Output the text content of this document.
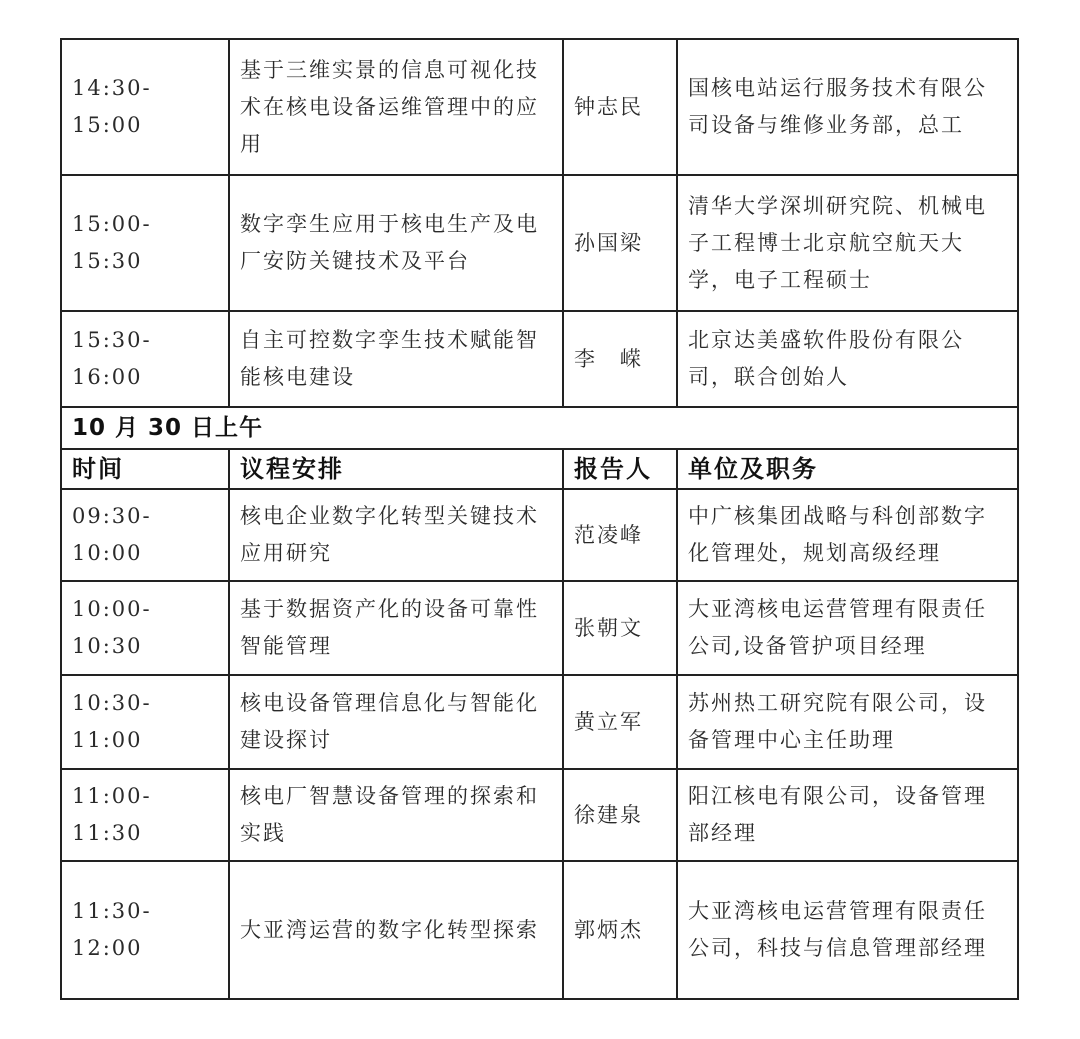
14:30-15:00	基于三维实景的信息可视化技术在核电设备运维管理中的应用	钟志民	国核电站运行服务技术有限公司设备与维修业务部，总工
15:00-15:30	数字孪生应用于核电生产及电厂安防关键技术及平台	孙国梁	清华大学深圳研究院、机械电子工程博士北京航空航天大学，电子工程硕士
15:30-16:00	自主可控数字孪生技术赋能智能核电建设	李　嵘	北京达美盛软件股份有限公司，联合创始人
10 月 30 日上午			
时间	议程安排	报告人	单位及职务
09:30-10:00	核电企业数字化转型关键技术应用研究	范凌峰	中广核集团战略与科创部数字化管理处，规划高级经理
10:00-10:30	基于数据资产化的设备可靠性智能管理	张朝文	大亚湾核电运营管理有限责任公司,设备管护项目经理
10:30-11:00	核电设备管理信息化与智能化建设探讨	黄立军	苏州热工研究院有限公司，设备管理中心主任助理
11:00-11:30	核电厂智慧设备管理的探索和实践	徐建泉	阳江核电有限公司，设备管理部经理
11:30-12:00	大亚湾运营的数字化转型探索	郭炳杰	大亚湾核电运营管理有限责任公司，科技与信息管理部经理
